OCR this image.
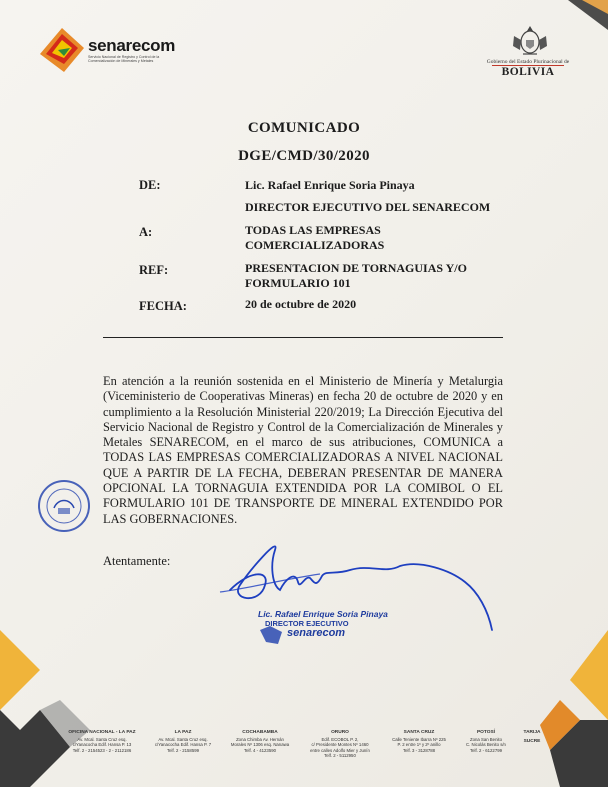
senarecom
Servicio Nacional de Registro y Control de la Comercialización de Minerales y Metales	Gobierno del Estado Plurinacional de
BOLIVIA
COMUNICADO
DGE/CMD/30/2020
DE:	Lic. Rafael Enrique Soria Pinaya
DIRECTOR EJECUTIVO DEL SENARECOM
A:	TODAS LAS EMPRESAS
COMERCIALIZADORAS
REF:	PRESENTACION DE TORNAGUIAS Y/O
FORMULARIO 101
FECHA:	20 de octubre de 2020
En atención a la reunión sostenida en el Ministerio de Minería y Metalurgia (Viceministerio de Cooperativas Mineras) en fecha 20 de octubre de 2020 y en cumplimiento a la Resolución Ministerial 220/2019; La Dirección Ejecutiva del Servicio Nacional de Registro y Control de la Comercialización de Minerales y Metales SENARECOM, en el marco de sus atribuciones, COMUNICA a TODAS LAS EMPRESAS COMERCIALIZADORAS A NIVEL NACIONAL QUE A PARTIR DE LA FECHA, DEBERAN PRESENTAR DE MANERA OPCIONAL LA TORNAGUIA EXTENDIDA POR LA COMIBOL O EL FORMULARIO 101 DE TRANSPORTE DE MINERAL EXTENDIDO POR LAS GOBERNACIONES.
Atentamente:
Lic. Rafael Enrique Soria Pinaya
DIRECTOR EJECUTIVO
senarecom
OFICINA NACIONAL - LA PAZ
Av. Mcal. Santa Cruz esq.
c/Yanacocha Edif. Hansa P. 13
Telf. 2 - 2154523 - 2 - 2112186
LA PAZ
Av. Mcal. Santa Cruz esq.
c/Yanacocha Edif. Hansa P. 7
Telf. 2 - 2158599
COCHABAMBA
Zona Chimba Av. Hernán
Morales Nº 1306 esq. Nanawa
Telf. 4 - 4123590
ORURO
Edif. ECOBOL P. 2,
c/ Presidente Montes Nº 1460
entre calles Adolfo Mier y Junín
Telf. 2 - 5112950
SANTA CRUZ
Calle Teniente Ibarra Nº 225
P. 2 entre 1º y 2º anillo
Telf. 3 - 3128788
POTOSÍ
Zona San Benito
C. Nicolás Benito s/n
Telf. 2 - 6122799
TARIJA
SUCRE
